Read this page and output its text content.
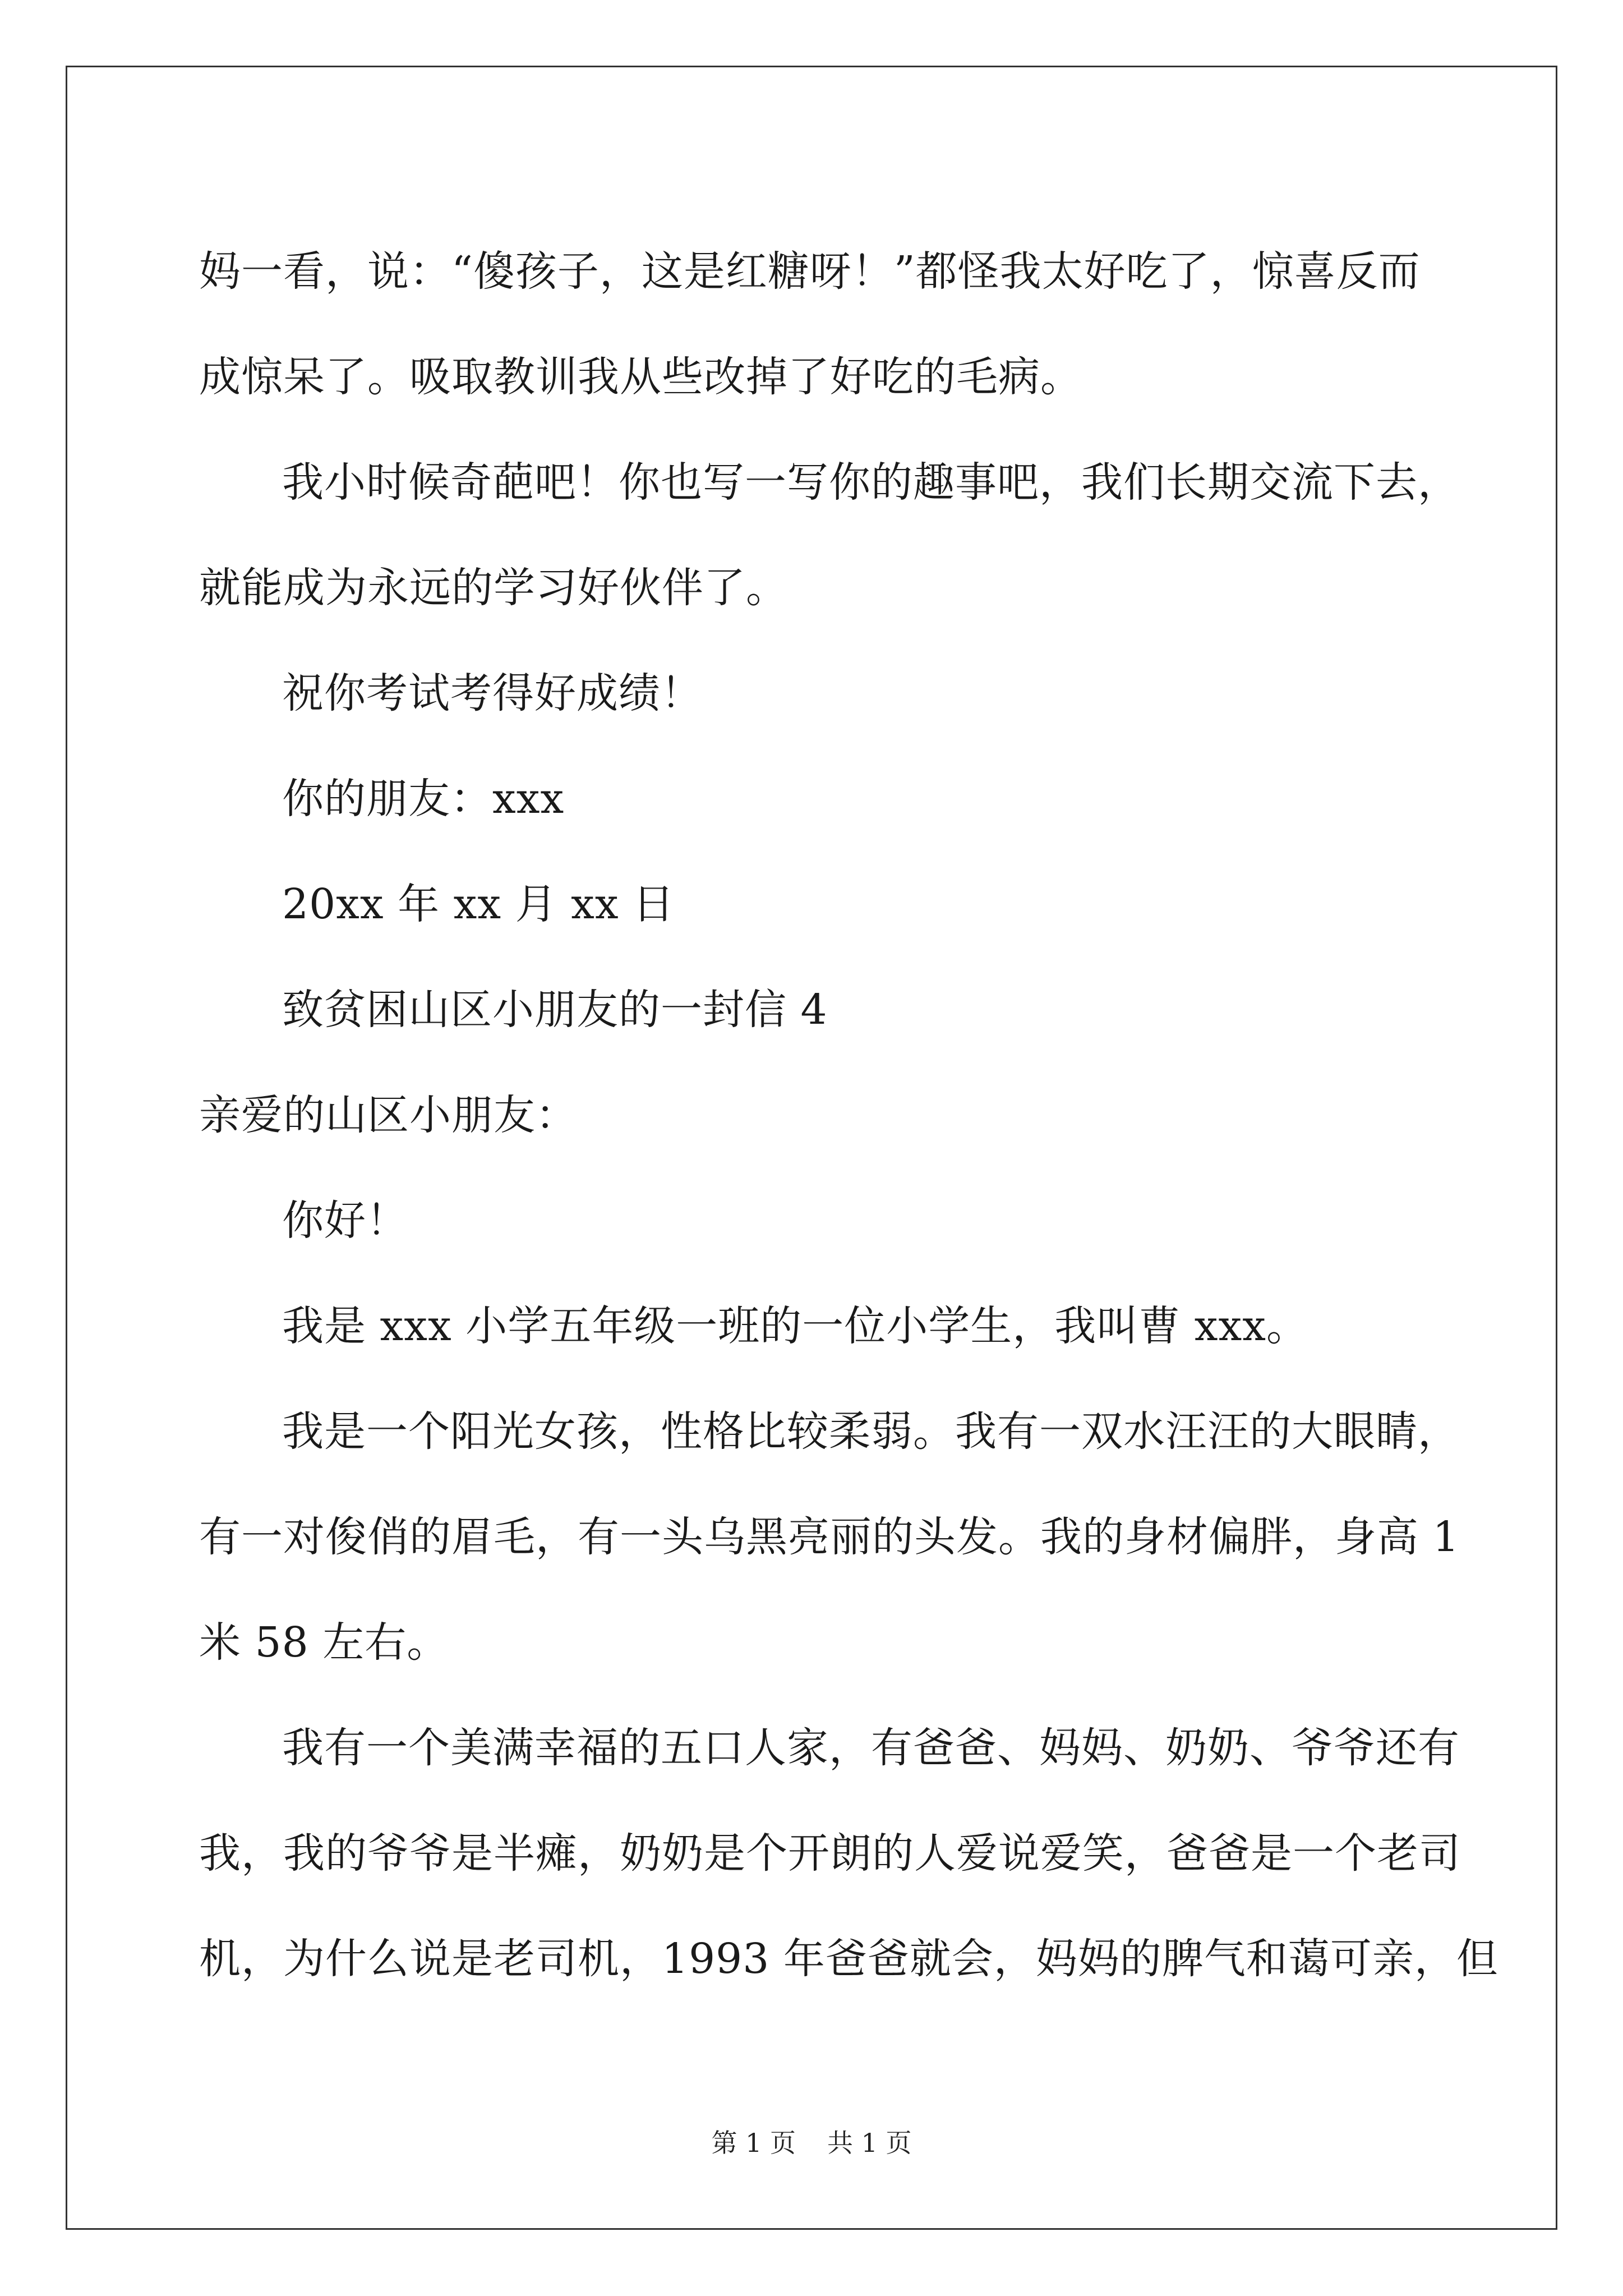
妈一看，说：“傻孩子，这是红糖呀！”都怪我太好吃了，惊喜反而
成惊呆了。吸取教训我从些改掉了好吃的毛病。
我小时候奇葩吧！你也写一写你的趣事吧，我们长期交流下去，
就能成为永远的学习好伙伴了。
祝你考试考得好成绩！
你的朋友：xxx
20xx 年 xx 月 xx 日
致贫困山区小朋友的一封信 4
亲爱的山区小朋友：
你好！
我是 xxx 小学五年级一班的一位小学生，我叫曹 xxx。
我是一个阳光女孩，性格比较柔弱。我有一双水汪汪的大眼睛，
有一对俊俏的眉毛，有一头乌黑亮丽的头发。我的身材偏胖，身高 1
米 58 左右。
我有一个美满幸福的五口人家，有爸爸、妈妈、奶奶、爷爷还有
我，我的爷爷是半瘫，奶奶是个开朗的人爱说爱笑，爸爸是一个老司
机，为什么说是老司机，1993 年爸爸就会，妈妈的脾气和蔼可亲，但
第 1 页 共 1 页
